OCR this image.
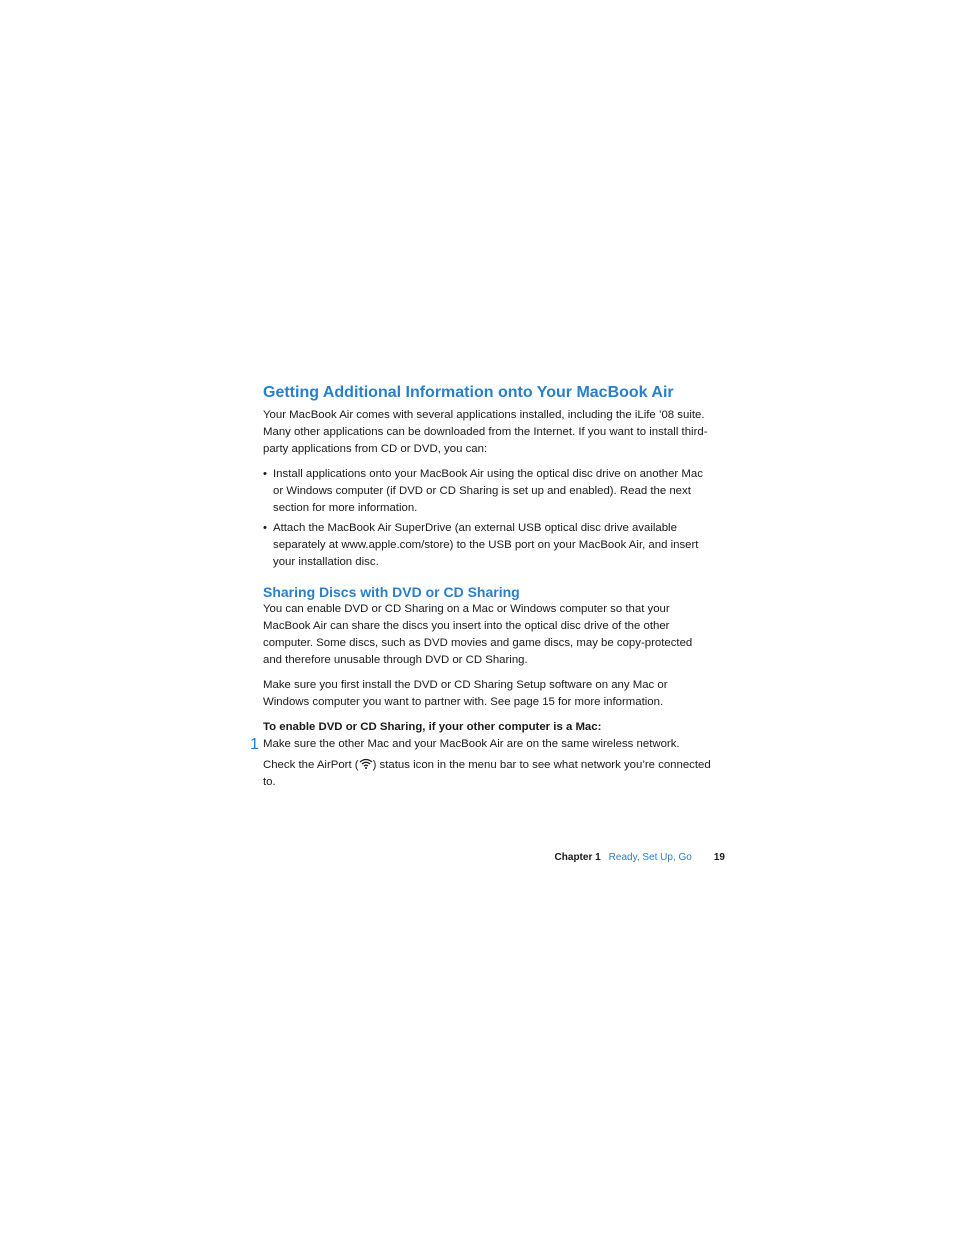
Getting Additional Information onto Your MacBook Air

Your MacBook Air comes with several applications installed, including the iLife ’08 suite. Many other applications can be downloaded from the Internet. If you want to install third-party applications from CD or DVD, you can:

• Install applications onto your MacBook Air using the optical disc drive on another Mac or Windows computer (if DVD or CD Sharing is set up and enabled). Read the next section for more information.
• Attach the MacBook Air SuperDrive (an external USB optical disc drive available separately at www.apple.com/store) to the USB port on your MacBook Air, and insert your installation disc.
Sharing Discs with DVD or CD Sharing

You can enable DVD or CD Sharing on a Mac or Windows computer so that your MacBook Air can share the discs you insert into the optical disc drive of the other computer. Some discs, such as DVD movies and game discs, may be copy-protected and therefore unusable through DVD or CD Sharing.

Make sure you first install the DVD or CD Sharing Setup software on any Mac or Windows computer you want to partner with. See page 15 for more information.

To enable DVD or CD Sharing, if your other computer is a Mac:

1 Make sure the other Mac and your MacBook Air are on the same wireless network.

Check the AirPort ( ) status icon in the menu bar to see what network you’re connected to.

Chapter 1 Ready, Set Up, Go 19
